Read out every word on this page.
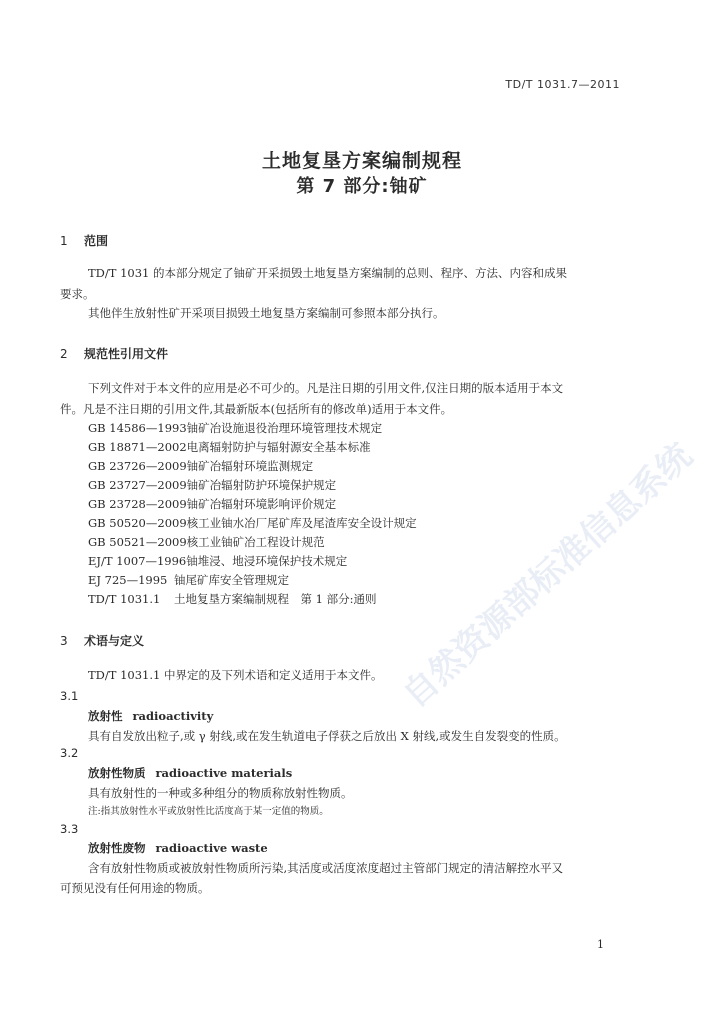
自然资源部标准信息系统
TD/T 1031.7—2011
土地复垦方案编制规程
第 7 部分:铀矿
1 范围
TD/T 1031 的本部分规定了铀矿开采损毁土地复垦方案编制的总则、程序、方法、内容和成果
要求。
其他伴生放射性矿开采项目损毁土地复垦方案编制可参照本部分执行。
2 规范性引用文件
下列文件对于本文件的应用是必不可少的。凡是注日期的引用文件,仅注日期的版本适用于本文
件。凡是不注日期的引用文件,其最新版本(包括所有的修改单)适用于本文件。
GB 14586—1993铀矿冶设施退役治理环境管理技术规定
GB 18871—2002电离辐射防护与辐射源安全基本标准
GB 23726—2009铀矿冶辐射环境监测规定
GB 23727—2009铀矿冶辐射防护环境保护规定
GB 23728—2009铀矿冶辐射环境影响评价规定
GB 50520—2009核工业铀水冶厂尾矿库及尾渣库安全设计规定
GB 50521—2009核工业铀矿冶工程设计规范
EJ/T 1007—1996铀堆浸、地浸环境保护技术规定
EJ 725—1995 铀尾矿库安全管理规定
TD/T 1031.1 土地复垦方案编制规程　第 1 部分:通则
3 术语与定义
TD/T 1031.1 中界定的及下列术语和定义适用于本文件。
3.1
放射性 radioactivity
具有自发放出粒子,或 γ 射线,或在发生轨道电子俘获之后放出 X 射线,或发生自发裂变的性质。
3.2
放射性物质 radioactive materials
具有放射性的一种或多种组分的物质称放射性物质。
注:指其放射性水平或放射性比活度高于某一定值的物质。
3.3
放射性废物 radioactive waste
含有放射性物质或被放射性物质所污染,其活度或活度浓度超过主管部门规定的清洁解控水平又
可预见没有任何用途的物质。
1
